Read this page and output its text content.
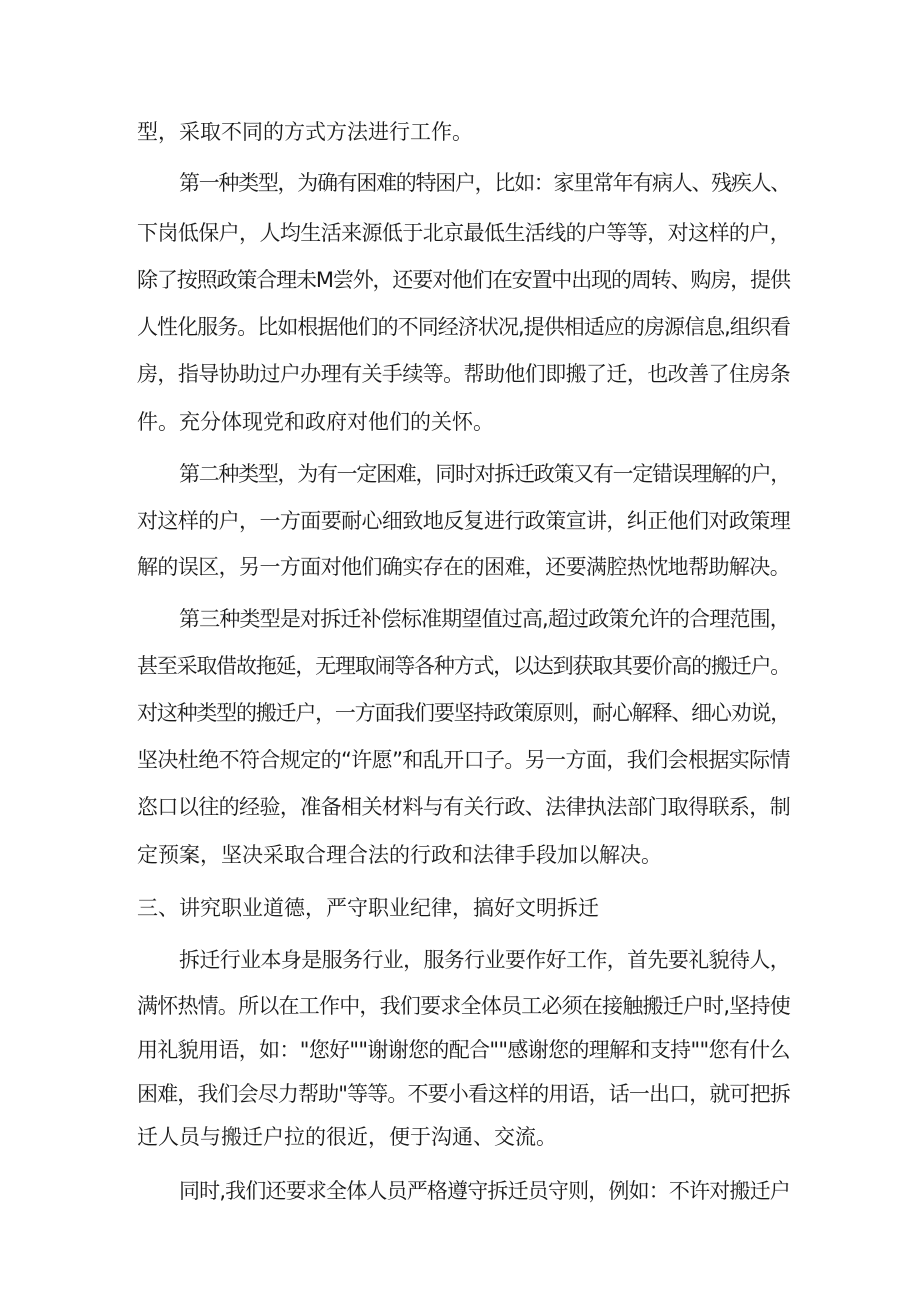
型，采取不同的方式方法进行工作。
第一种类型，为确有困难的特困户，比如：家里常年有病人、残疾人、
下岗低保户，人均生活来源低于北京最低生活线的户等等，对这样的户，
除了按照政策合理未M尝外，还要对他们在安置中出现的周转、购房，提供
人性化服务。比如根据他们的不同经济状况,提供相适应的房源信息,组织看
房，指导协助过户办理有关手续等。帮助他们即搬了迁，也改善了住房条
件。充分体现党和政府对他们的关怀。
第二种类型，为有一定困难，同时对拆迁政策又有一定错误理解的户，
对这样的户，一方面要耐心细致地反复进行政策宣讲，纠正他们对政策理
解的误区，另一方面对他们确实存在的困难，还要满腔热忱地帮助解决。
第三种类型是对拆迁补偿标准期望值过高,超过政策允许的合理范围，
甚至采取借故拖延，无理取闹等各种方式，以达到获取其要价高的搬迁户。
对这种类型的搬迁户，一方面我们要坚持政策原则，耐心解释、细心劝说，
坚决杜绝不符合规定的“许愿”和乱开口子。另一方面，我们会根据实际情
恣口以往的经验，准备相关材料与有关行政、法律执法部门取得联系，制
定预案，坚决采取合理合法的行政和法律手段加以解决。
三、讲究职业道德，严守职业纪律，搞好文明拆迁
拆迁行业本身是服务行业，服务行业要作好工作，首先要礼貌待人，
满怀热情。所以在工作中，我们要求全体员工必须在接触搬迁户时,坚持使
用礼貌用语，如："您好""谢谢您的配合""感谢您的理解和支持""您有什么
困难，我们会尽力帮助"等等。不要小看这样的用语，话一出口，就可把拆
迁人员与搬迁户拉的很近，便于沟通、交流。
同时,我们还要求全体人员严格遵守拆迁员守则，例如：不许对搬迁户
